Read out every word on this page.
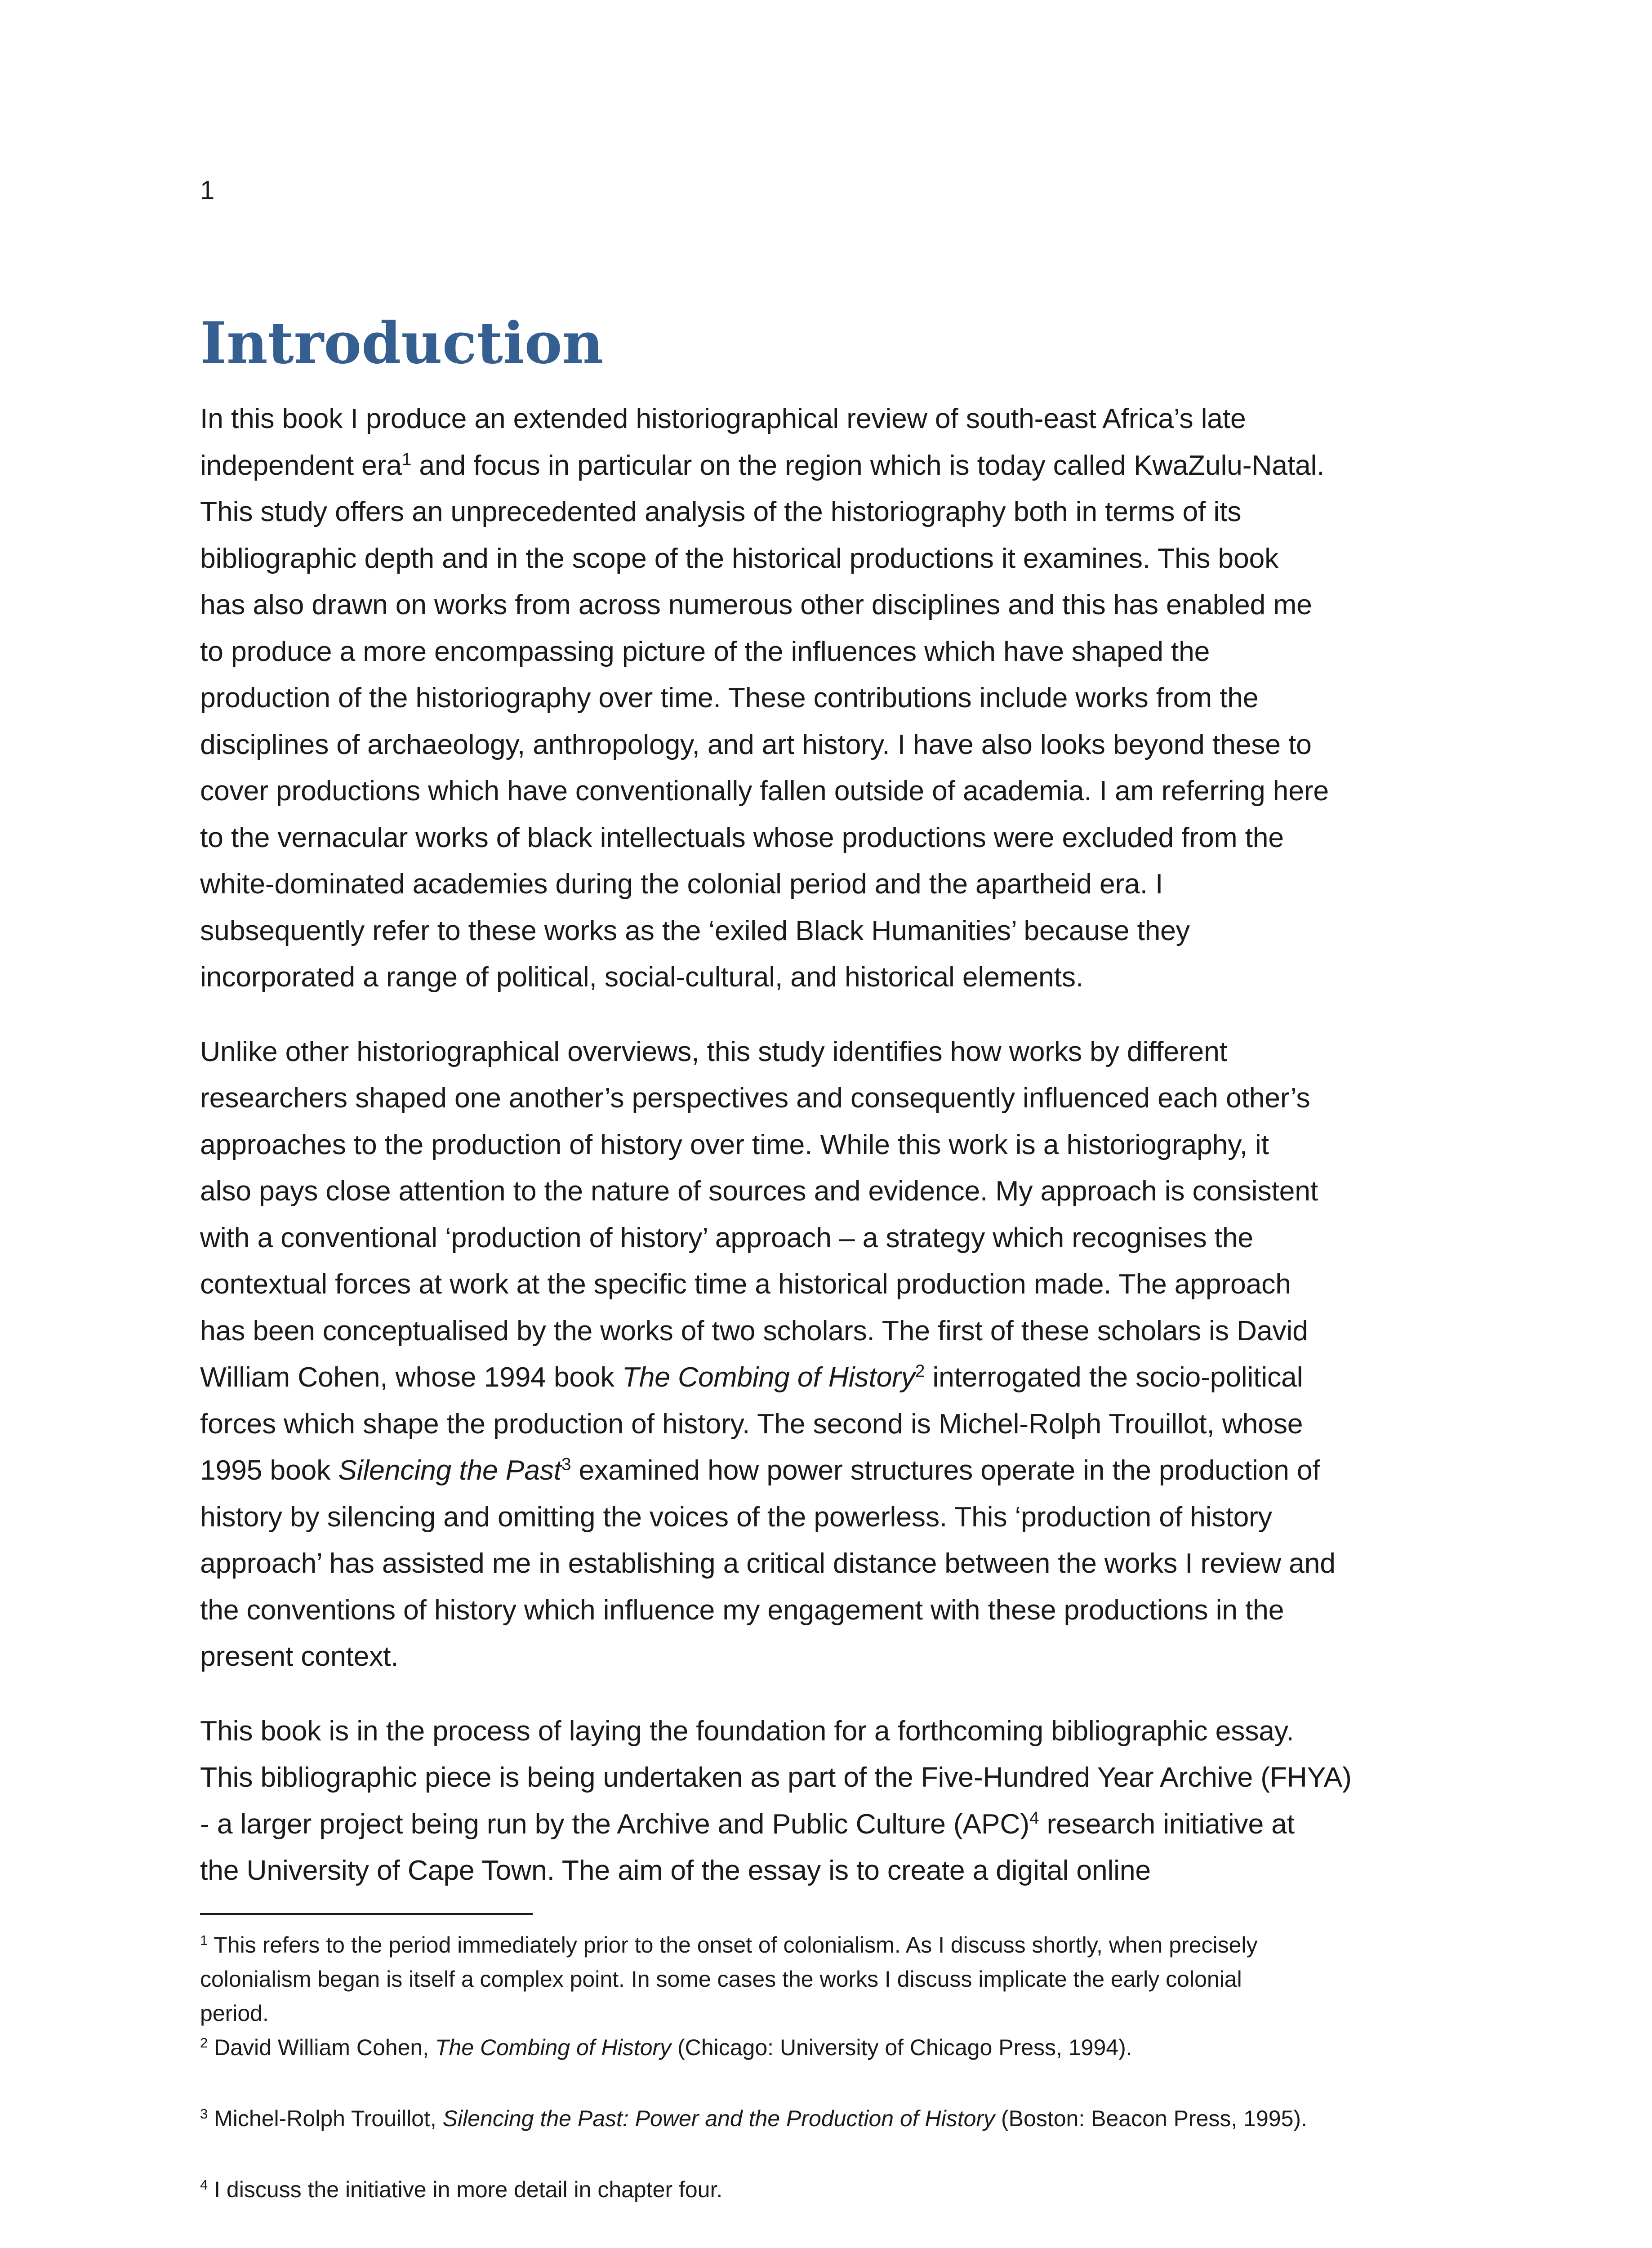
1
Introduction

In this book I produce an extended historiographical review of south-east Africa’s late
independent era$^1$ and focus in particular on the region which is today called KwaZulu-Natal.
This study offers an unprecedented analysis of the historiography both in terms of its
bibliographic depth and in the scope of the historical productions it examines. This book
has also drawn on works from across numerous other disciplines and this has enabled me
to produce a more encompassing picture of the influences which have shaped the
production of the historiography over time. These contributions include works from the
disciplines of archaeology, anthropology, and art history. I have also looks beyond these to
cover productions which have conventionally fallen outside of academia. I am referring here
to the vernacular works of black intellectuals whose productions were excluded from the
white-dominated academies during the colonial period and the apartheid era. I
subsequently refer to these works as the ‘exiled Black Humanities’ because they
incorporated a range of political, social-cultural, and historical elements.

Unlike other historiographical overviews, this study identifies how works by different
researchers shaped one another’s perspectives and consequently influenced each other’s
approaches to the production of history over time. While this work is a historiography, it
also pays close attention to the nature of sources and evidence. My approach is consistent
with a conventional ‘production of history’ approach – a strategy which recognises the
contextual forces at work at the specific time a historical production made. The approach
has been conceptualised by the works of two scholars. The first of these scholars is David
William Cohen, whose 1994 book The Combing of History$^2$ interrogated the socio-political
forces which shape the production of history. The second is Michel-Rolph Trouillot, whose
1995 book Silencing the Past$^3$ examined how power structures operate in the production of
history by silencing and omitting the voices of the powerless. This ‘production of history
approach’ has assisted me in establishing a critical distance between the works I review and
the conventions of history which influence my engagement with these productions in the
present context.

This book is in the process of laying the foundation for a forthcoming bibliographic essay.
This bibliographic piece is being undertaken as part of the Five-Hundred Year Archive (FHYA)
- a larger project being run by the Archive and Public Culture (APC)$^4$ research initiative at
the University of Cape Town. The aim of the essay is to create a digital online

$^1$ This refers to the period immediately prior to the onset of colonialism. As I discuss shortly, when precisely
colonialism began is itself a complex point. In some cases the works I discuss implicate the early colonial
period.

$^2$ David William Cohen, The Combing of History (Chicago: University of Chicago Press, 1994).

$^3$ Michel-Rolph Trouillot, Silencing the Past: Power and the Production of History (Boston: Beacon Press, 1995).

$^4$ I discuss the initiative in more detail in chapter four.
